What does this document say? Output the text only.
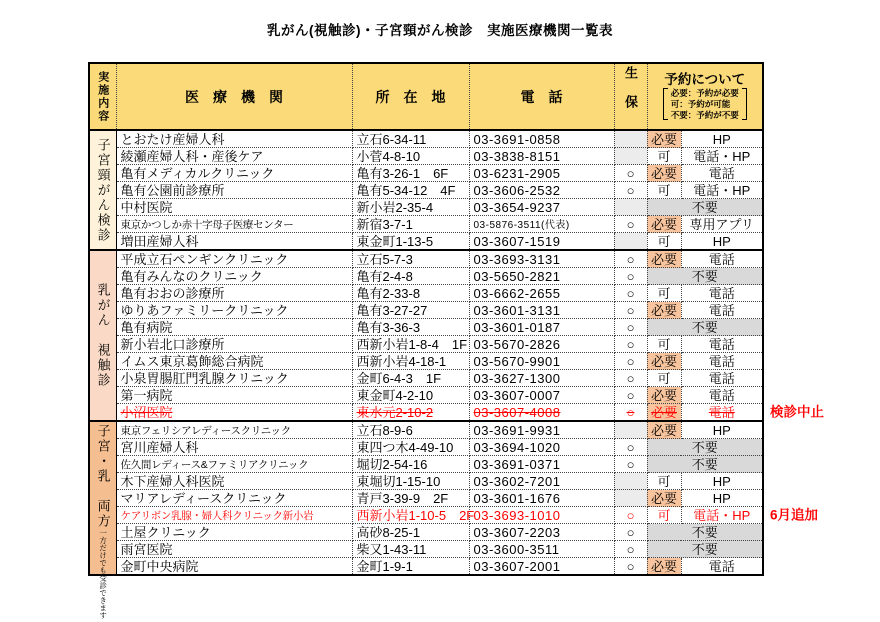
乳がん(視触診)・子宮頸がん検診　実施医療機関一覧表
実施内容	医　療　機　関	所　在　地	電　話	生保	予約について
必要：予約が必要
可：予約が可能
不要：予約が不要	

子宮頸がん検診	とおたけ産婦人科	立石6-34-11	03-3691-0858		必要	HP
	綾瀬産婦人科・産後ケア	小菅4-8-10	03-3838-8151		可	電話・HP
	亀有メディカルクリニック	亀有3-26-1　6F	03-6231-2905	○	必要	電話
	亀有公園前診療所	亀有5-34-12　4F	03-3606-2532	○	可	電話・HP
	中村医院	新小岩2-35-4	03-3654-9237		不要	
	東京かつしか赤十字母子医療センター	新宿3-7-1	03-5876-3511(代表)	○	必要	専用アプリ
	増田産婦人科	東金町1-13-5	03-3607-1519		可	HP
乳がん　視触診	平成立石ペンギンクリニック	立石5-7-3	03-3693-3131	○	必要	電話
	亀有みんなのクリニック	亀有2-4-8	03-5650-2821	○	不要	
	亀有おおの診療所	亀有2-33-8	03-6662-2655	○	可	電話
	ゆりあファミリークリニック	亀有3-27-27	03-3601-3131	○	必要	電話
	亀有病院	亀有3-36-3	03-3601-0187	○	不要	
	新小岩北口診療所	西新小岩1-8-4　1F	03-5670-2826	○	可	電話
	イムス東京葛飾総合病院	西新小岩4-18-1	03-5670-9901	○	必要	電話
	小泉胃腸肛門乳腺クリニック	金町6-4-3　1F	03-3627-1300	○	可	電話
	第一病院	東金町4-2-10	03-3607-0007	○	必要	電話
	小沼医院	東水元2-10-2	03-3607-4008	○	必要	電話 検診中止

子宮・乳　両方一方だけでも受診できます	東京フェリシアレディースクリニック	立石8-9-6	03-3691-9931		必要	HP
	宮川産婦人科	東四つ木4-49-10	03-3694-1020	○	不要	
	佐久間レディース&ファミリアクリニック	堀切2-54-16	03-3691-0371	○	不要	
	木下産婦人科医院	東堀切1-15-10	03-3602-7201		可	HP
	マリアレディースクリニック	青戸3-39-9　2F	03-3601-1676		必要	HP
	ケアリボン乳腺・婦人科クリニック新小岩	西新小岩1-10-5　2F	03-3693-1010	○	可	電話・HP 6月追加

	土屋クリニック	高砂8-25-1	03-3607-2203	○	不要	
	雨宮医院	柴又1-43-11	03-3600-3511	○	不要	
	金町中央病院	金町1-9-1	03-3607-2001	○	必要	電話
